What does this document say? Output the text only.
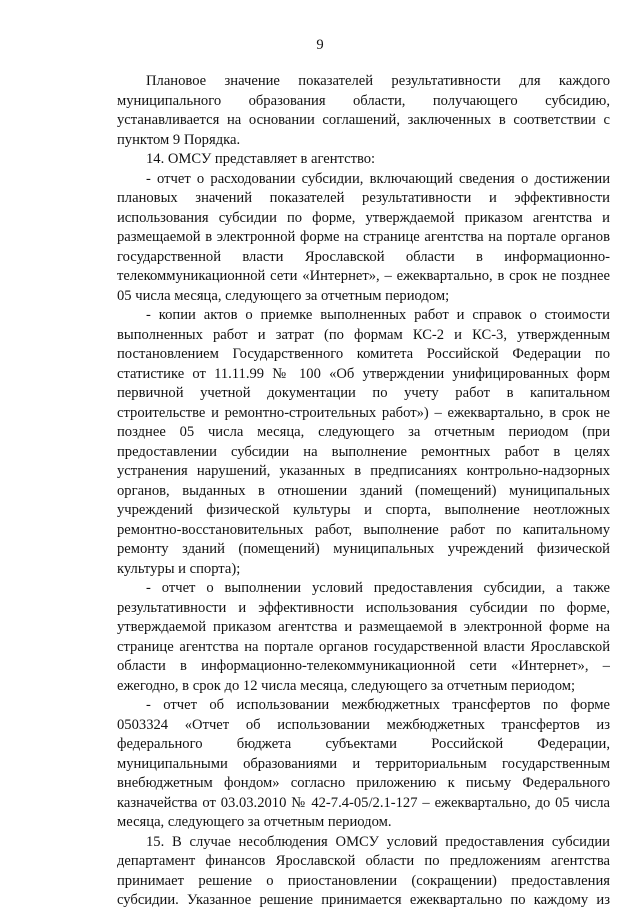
9
Плановое значение показателей результативности для каждого
муниципального образования области, получающего субсидию,
устанавливается на основании соглашений, заключенных в соответствии с
пунктом 9 Порядка.
14. ОМСУ представляет в агентство:
- отчет о расходовании субсидии, включающий сведения о достижении
плановых значений показателей результативности и эффективности
использования субсидии по форме, утверждаемой приказом агентства и
размещаемой в электронной форме на странице агентства на портале органов
государственной власти Ярославской области в информационно-
телекоммуникационной сети «Интернет», – ежеквартально, в срок не позднее
05 числа месяца, следующего за отчетным периодом;
- копии актов о приемке выполненных работ и справок о стоимости
выполненных работ и затрат (по формам КС-2 и КС-3, утвержденным
постановлением Государственного комитета Российской Федерации по
статистике от 11.11.99 № 100 «Об утверждении унифицированных форм
первичной учетной документации по учету работ в капитальном
строительстве и ремонтно-строительных работ») – ежеквартально, в срок не
позднее 05 числа месяца, следующего за отчетным периодом (при
предоставлении субсидии на выполнение ремонтных работ в целях
устранения нарушений, указанных в предписаниях контрольно-надзорных
органов, выданных в отношении зданий (помещений) муниципальных
учреждений физической культуры и спорта, выполнение неотложных
ремонтно-восстановительных работ, выполнение работ по капитальному
ремонту зданий (помещений) муниципальных учреждений физической
культуры и спорта);
- отчет о выполнении условий предоставления субсидии, а также
результативности и эффективности использования субсидии по форме,
утверждаемой приказом агентства и размещаемой в электронной форме на
странице агентства на портале органов государственной власти Ярославской
области в информационно-телекоммуникационной сети «Интернет», –
ежегодно, в срок до 12 числа месяца, следующего за отчетным периодом;
- отчет об использовании межбюджетных трансфертов по форме
0503324 «Отчет об использовании межбюджетных трансфертов из
федерального бюджета субъектами Российской Федерации,
муниципальными образованиями и территориальным государственным
внебюджетным фондом» согласно приложению к письму Федерального
казначейства от 03.03.2010 № 42-7.4-05/2.1-127 – ежеквартально, до 05 числа
месяца, следующего за отчетным периодом.
15. В случае несоблюдения ОМСУ условий предоставления субсидии
департамент финансов Ярославской области по предложениям агентства
принимает решение о приостановлении (сокращении) предоставления
субсидии. Указанное решение принимается ежеквартально по каждому из
